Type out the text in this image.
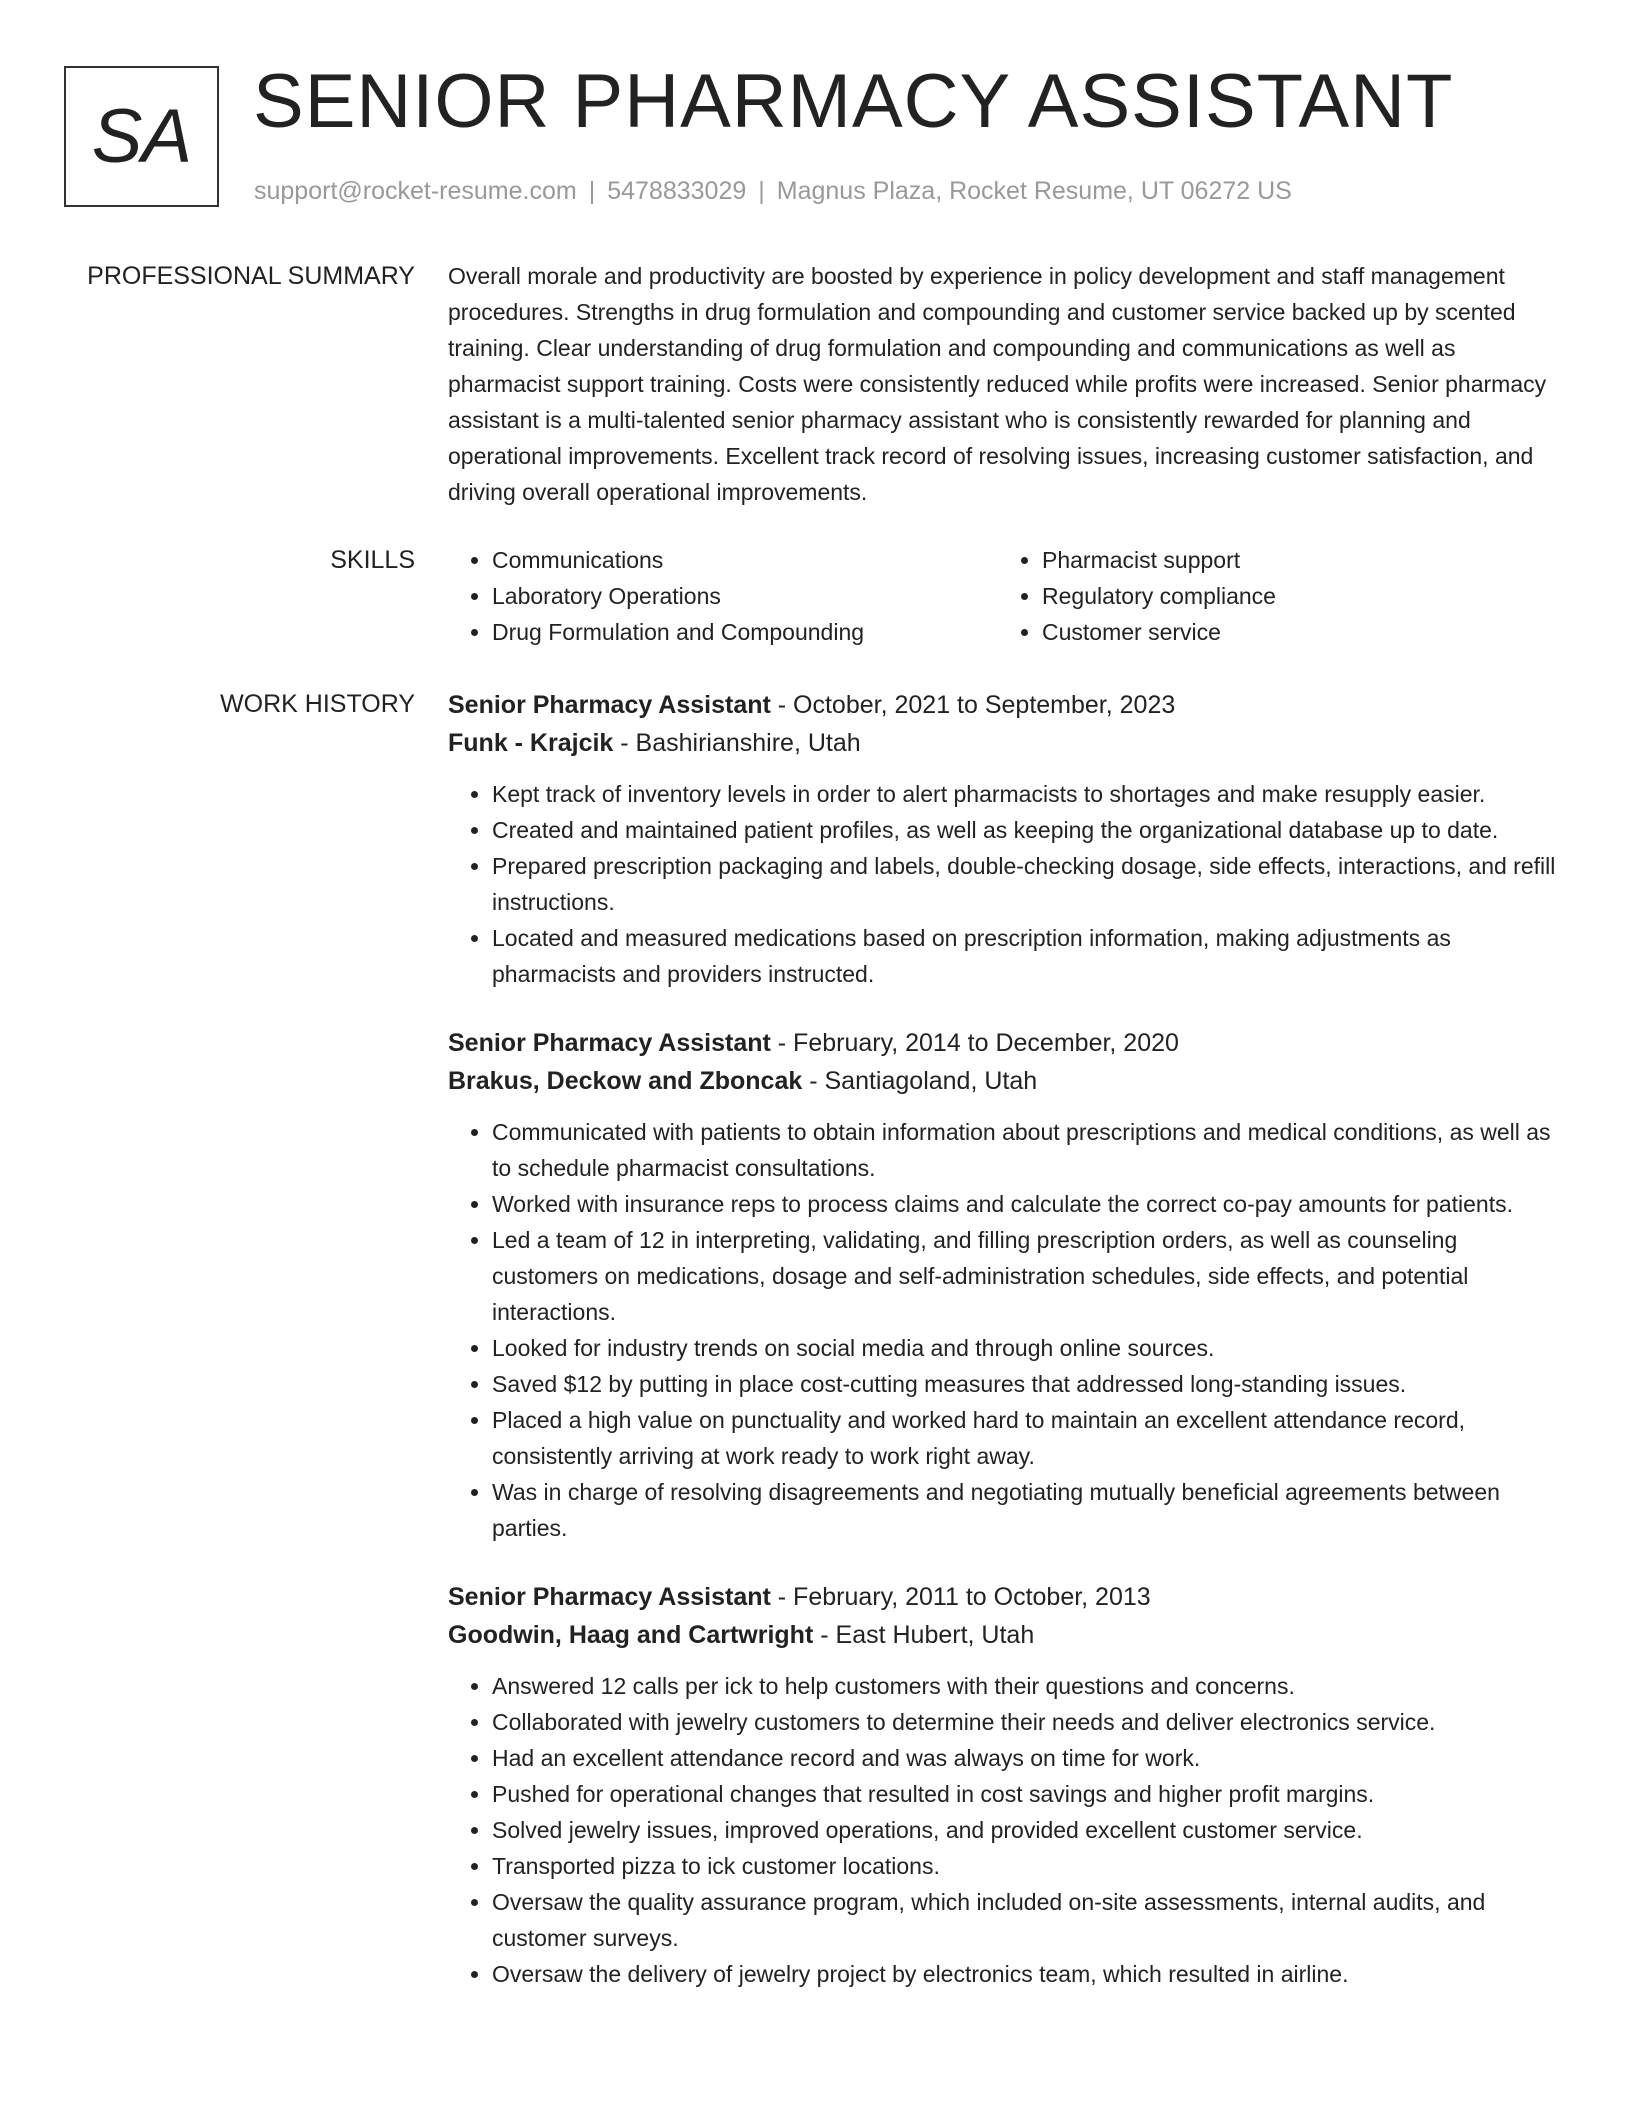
SA SENIOR PHARMACY ASSISTANT
support@rocket-resume.com | 5478833029 | Magnus Plaza, Rocket Resume, UT 06272 US
PROFESSIONAL SUMMARY Overall morale and productivity are boosted by experience in policy development and staff management procedures. Strengths in drug formulation and compounding and customer service backed up by scented training. Clear understanding of drug formulation and compounding and communications as well as pharmacist support training. Costs were consistently reduced while profits were increased. Senior pharmacy assistant is a multi-talented senior pharmacy assistant who is consistently rewarded for planning and operational improvements. Excellent track record of resolving issues, increasing customer satisfaction, and driving overall operational improvements.

SKILLS
•	Communications
• Laboratory Operations
• Drug Formulation and Compounding
• Pharmacist support
• Regulatory compliance
• Customer service
WORK HISTORY Senior Pharmacy Assistant - October, 2021 to September, 2023
Funk - Krajcik - Bashirianshire, Utah
• Kept track of inventory levels in order to alert pharmacists to shortages and make resupply easier.
• Created and maintained patient profiles, as well as keeping the organizational database up to date.
• Prepared prescription packaging and labels, double-checking dosage, side effects, interactions, and refill instructions.
• Located and measured medications based on prescription information, making adjustments as pharmacists and providers instructed.
Senior Pharmacy Assistant - February, 2014 to December, 2020
Brakus, Deckow and Zboncak - Santiagoland, Utah
• Communicated with patients to obtain information about prescriptions and medical conditions, as well as to schedule pharmacist consultations.
• Worked with insurance reps to process claims and calculate the correct co-pay amounts for patients.
• Led a team of 12 in interpreting, validating, and filling prescription orders, as well as counseling customers on medications, dosage and self-administration schedules, side effects, and potential interactions.
• Looked for industry trends on social media and through online sources.
• Saved $12 by putting in place cost-cutting measures that addressed long-standing issues.
• Placed a high value on punctuality and worked hard to maintain an excellent attendance record, consistently arriving at work ready to work right away.
• Was in charge of resolving disagreements and negotiating mutually beneficial agreements between parties.
Senior Pharmacy Assistant - February, 2011 to October, 2013
Goodwin, Haag and Cartwright - East Hubert, Utah
• Answered 12 calls per ick to help customers with their questions and concerns.
• Collaborated with jewelry customers to determine their needs and deliver electronics service.
• Had an excellent attendance record and was always on time for work.
• Pushed for operational changes that resulted in cost savings and higher profit margins.
• Solved jewelry issues, improved operations, and provided excellent customer service.
• Transported pizza to ick customer locations.
• Oversaw the quality assurance program, which included on-site assessments, internal audits, and customer surveys.
• Oversaw the delivery of jewelry project by electronics team, which resulted in airline.
